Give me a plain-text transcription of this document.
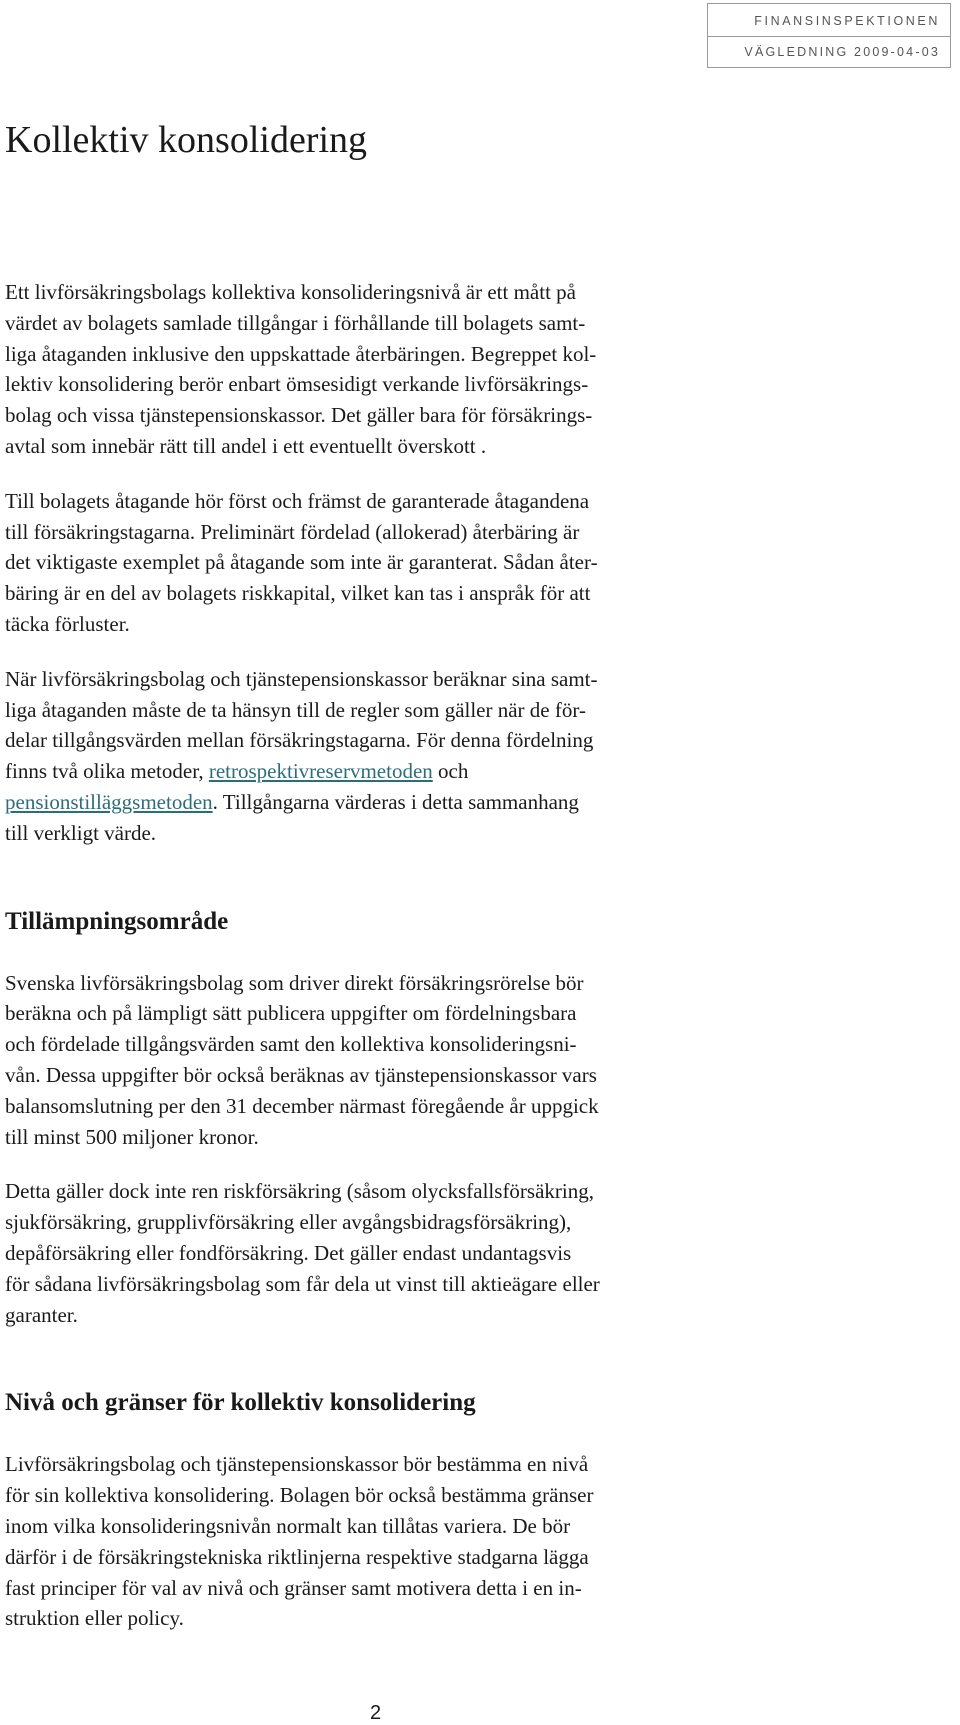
FINANSINSPEKTIONEN
VÄGLEDNING 2009-04-03
Kollektiv konsolidering

Ett livförsäkringsbolags kollektiva konsolideringsnivå är ett mått på
värdet av bolagets samlade tillgångar i förhållande till bolagets samt-
liga åtaganden inklusive den uppskattade återbäringen. Begreppet kol-
lektiv konsolidering berör enbart ömsesidigt verkande livförsäkrings-
bolag och vissa tjänstepensionskassor. Det gäller bara för försäkrings-
avtal som innebär rätt till andel i ett eventuellt överskott .

Till bolagets åtagande hör först och främst de garanterade åtagandena
till försäkringstagarna. Preliminärt fördelad (allokerad) återbäring är
det viktigaste exemplet på åtagande som inte är garanterat. Sådan åter-
bäring är en del av bolagets riskkapital, vilket kan tas i anspråk för att
täcka förluster.

När livförsäkringsbolag och tjänstepensionskassor beräknar sina samt-
liga åtaganden måste de ta hänsyn till de regler som gäller när de för-
delar tillgångsvärden mellan försäkringstagarna. För denna fördelning
finns två olika metoder, retrospektivreservmetoden och
pensionstilläggsmetoden. Tillgångarna värderas i detta sammanhang
till verkligt värde.

Tillämpningsområde

Svenska livförsäkringsbolag som driver direkt försäkringsrörelse bör
beräkna och på lämpligt sätt publicera uppgifter om fördelningsbara
och fördelade tillgångsvärden samt den kollektiva konsolideringsni-
vån. Dessa uppgifter bör också beräknas av tjänstepensionskassor vars
balansomslutning per den 31 december närmast föregående år uppgick
till minst 500 miljoner kronor.

Detta gäller dock inte ren riskförsäkring (såsom olycksfallsförsäkring,
sjukförsäkring, grupplivförsäkring eller avgångsbidragsförsäkring),
depåförsäkring eller fondförsäkring. Det gäller endast undantagsvis
för sådana livförsäkringsbolag som får dela ut vinst till aktieägare eller
garanter.

Nivå och gränser för kollektiv konsolidering

Livförsäkringsbolag och tjänstepensionskassor bör bestämma en nivå
för sin kollektiva konsolidering. Bolagen bör också bestämma gränser
inom vilka konsolideringsnivån normalt kan tillåtas variera. De bör
därför i de försäkringstekniska riktlinjerna respektive stadgarna lägga
fast principer för val av nivå och gränser samt motivera detta i en in-
struktion eller policy.

2
